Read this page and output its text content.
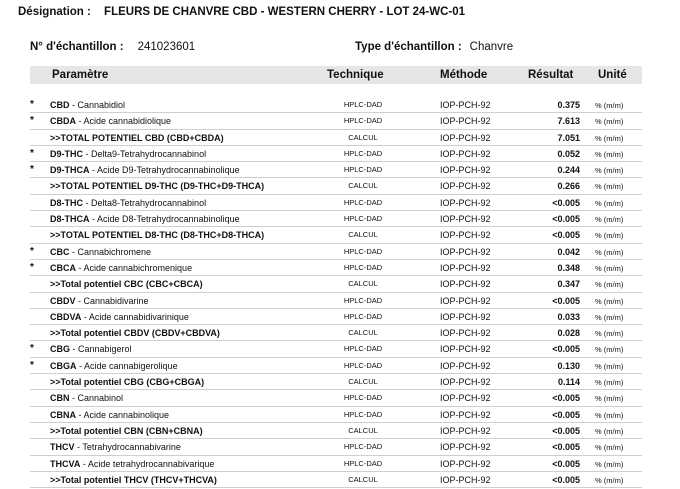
Désignation : FLEURS DE CHANVRE CBD - WESTERN CHERRY - LOT 24-WC-01
N° d'échantillon : 241023601	Type d'échantillon : Chanvre
Paramètre	Technique	Méthode	Résultat Unité
* CBD - Cannabidiol	HPLC-DAD	IOP-PCH-92	0.375 % (m/m)
* CBDA - Acide cannabidiolique	HPLC-DAD	IOP-PCH-92	7.613 % (m/m)
>>TOTAL POTENTIEL CBD (CBD+CBDA)	CALCUL	IOP-PCH-92	7.051 % (m/m)
* D9-THC - Delta9-Tetrahydrocannabinol	HPLC-DAD	IOP-PCH-92	0.052 % (m/m)
* D9-THCA - Acide D9-Tetrahydrocannabinolique	HPLC-DAD	IOP-PCH-92	0.244 % (m/m)
>>TOTAL POTENTIEL D9-THC (D9-THC+D9-THCA)	CALCUL	IOP-PCH-92	0.266 % (m/m)
D8-THC - Delta8-Tetrahydrocannabinol	HPLC-DAD	IOP-PCH-92	<0.005 % (m/m)
D8-THCA - Acide D8-Tetrahydrocannabinolique	HPLC-DAD	IOP-PCH-92	<0.005 % (m/m)
>>TOTAL POTENTIEL D8-THC (D8-THC+D8-THCA)	CALCUL	IOP-PCH-92	<0.005 % (m/m)
* CBC - Cannabichromene	HPLC-DAD	IOP-PCH-92	0.042 % (m/m)
* CBCA - Acide cannabichromenique	HPLC-DAD	IOP-PCH-92	0.348 % (m/m)
>>Total potentiel CBC (CBC+CBCA)	CALCUL	IOP-PCH-92	0.347 % (m/m)
CBDV - Cannabidivarine	HPLC-DAD	IOP-PCH-92	<0.005 % (m/m)
CBDVA - Acide cannabidivarinique	HPLC-DAD	IOP-PCH-92	0.033 % (m/m)
>>Total potentiel CBDV (CBDV+CBDVA)	CALCUL	IOP-PCH-92	0.028 % (m/m)
* CBG - Cannabigerol	HPLC-DAD	IOP-PCH-92	<0.005 % (m/m)
* CBGA - Acide cannabigerolique	HPLC-DAD	IOP-PCH-92	0.130 % (m/m)
>>Total potentiel CBG (CBG+CBGA)	CALCUL	IOP-PCH-92	0.114 % (m/m)
CBN - Cannabinol	HPLC-DAD	IOP-PCH-92	<0.005 % (m/m)
CBNA - Acide cannabinolique	HPLC-DAD	IOP-PCH-92	<0.005 % (m/m)
>>Total potentiel CBN (CBN+CBNA)	CALCUL	IOP-PCH-92	<0.005 % (m/m)
THCV - Tetrahydrocannabivarine	HPLC-DAD	IOP-PCH-92	<0.005 % (m/m)
THCVA - Acide tetrahydrocannabivarique	HPLC-DAD	IOP-PCH-92	<0.005 % (m/m)
>>Total potentiel THCV (THCV+THCVA)	CALCUL	IOP-PCH-92	<0.005 % (m/m)
